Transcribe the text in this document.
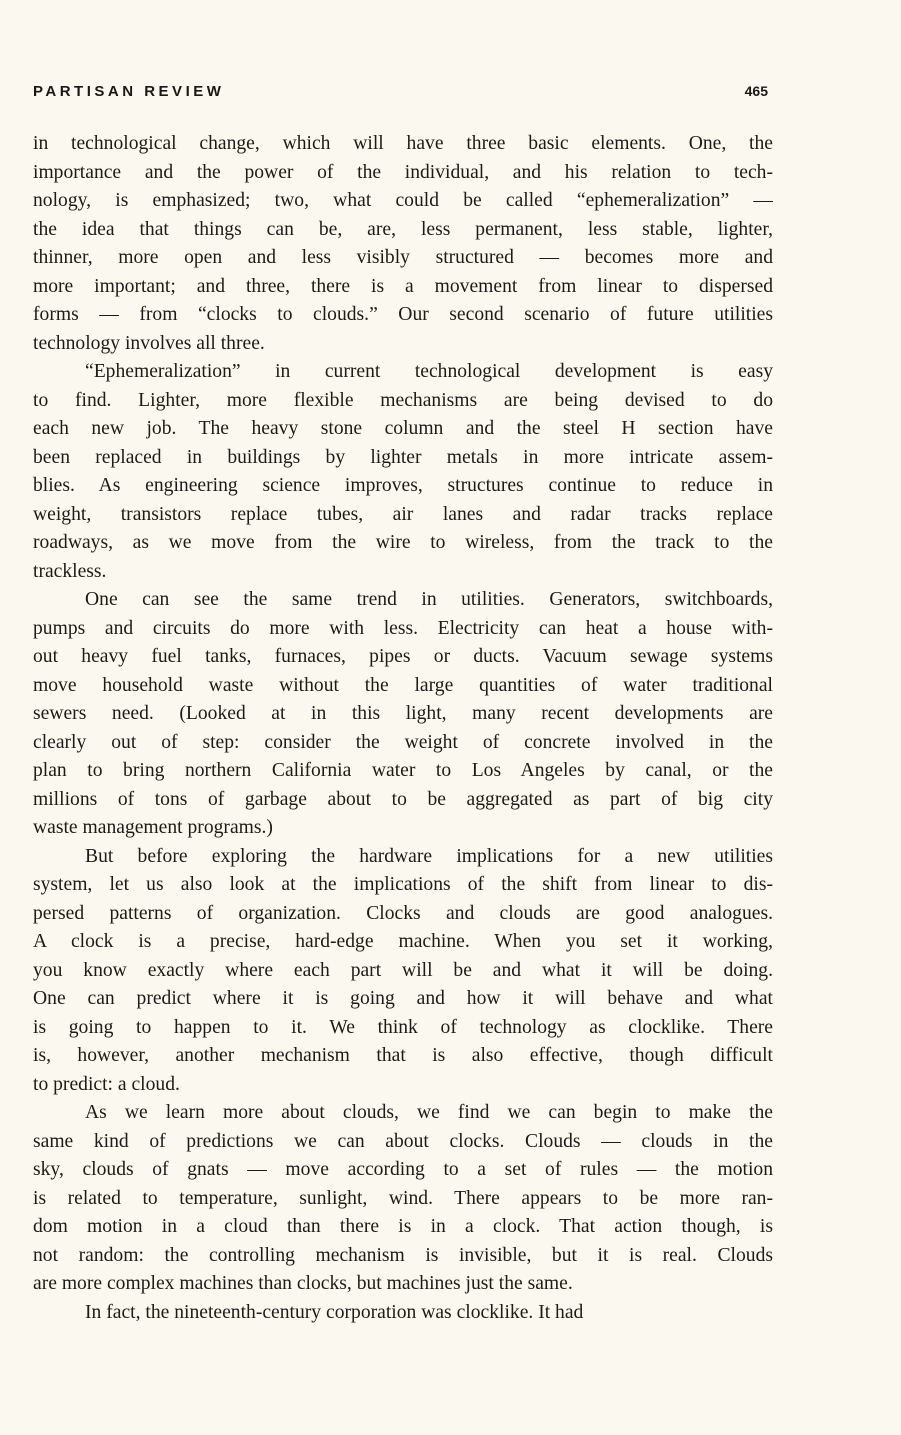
PARTISAN REVIEW	465
in technological change, which will have three basic elements. One, the
importance and the power of the individual, and his relation to tech-
nology, is emphasized; two, what could be called “ephemeralization” —
the idea that things can be, are, less permanent, less stable, lighter,
thinner, more open and less visibly structured — becomes more and
more important; and three, there is a movement from linear to dispersed
forms — from “clocks to clouds.” Our second scenario of future utilities
technology involves all three.
“Ephemeralization” in current technological development is easy
to find. Lighter, more flexible mechanisms are being devised to do
each new job. The heavy stone column and the steel H section have
been replaced in buildings by lighter metals in more intricate assem-
blies. As engineering science improves, structures continue to reduce in
weight, transistors replace tubes, air lanes and radar tracks replace
roadways, as we move from the wire to wireless, from the track to the
trackless.
One can see the same trend in utilities. Generators, switchboards,
pumps and circuits do more with less. Electricity can heat a house with-
out heavy fuel tanks, furnaces, pipes or ducts. Vacuum sewage systems
move household waste without the large quantities of water traditional
sewers need. (Looked at in this light, many recent developments are
clearly out of step: consider the weight of concrete involved in the
plan to bring northern California water to Los Angeles by canal, or the
millions of tons of garbage about to be aggregated as part of big city
waste management programs.)
But before exploring the hardware implications for a new utilities
system, let us also look at the implications of the shift from linear to dis-
persed patterns of organization. Clocks and clouds are good analogues.
A clock is a precise, hard-edge machine. When you set it working,
you know exactly where each part will be and what it will be doing.
One can predict where it is going and how it will behave and what
is going to happen to it. We think of technology as clocklike. There
is, however, another mechanism that is also effective, though difficult
to predict: a cloud.
As we learn more about clouds, we find we can begin to make the
same kind of predictions we can about clocks. Clouds — clouds in the
sky, clouds of gnats — move according to a set of rules — the motion
is related to temperature, sunlight, wind. There appears to be more ran-
dom motion in a cloud than there is in a clock. That action though, is
not random: the controlling mechanism is invisible, but it is real. Clouds
are more complex machines than clocks, but machines just the same.
In fact, the nineteenth-century corporation was clocklike. It had
